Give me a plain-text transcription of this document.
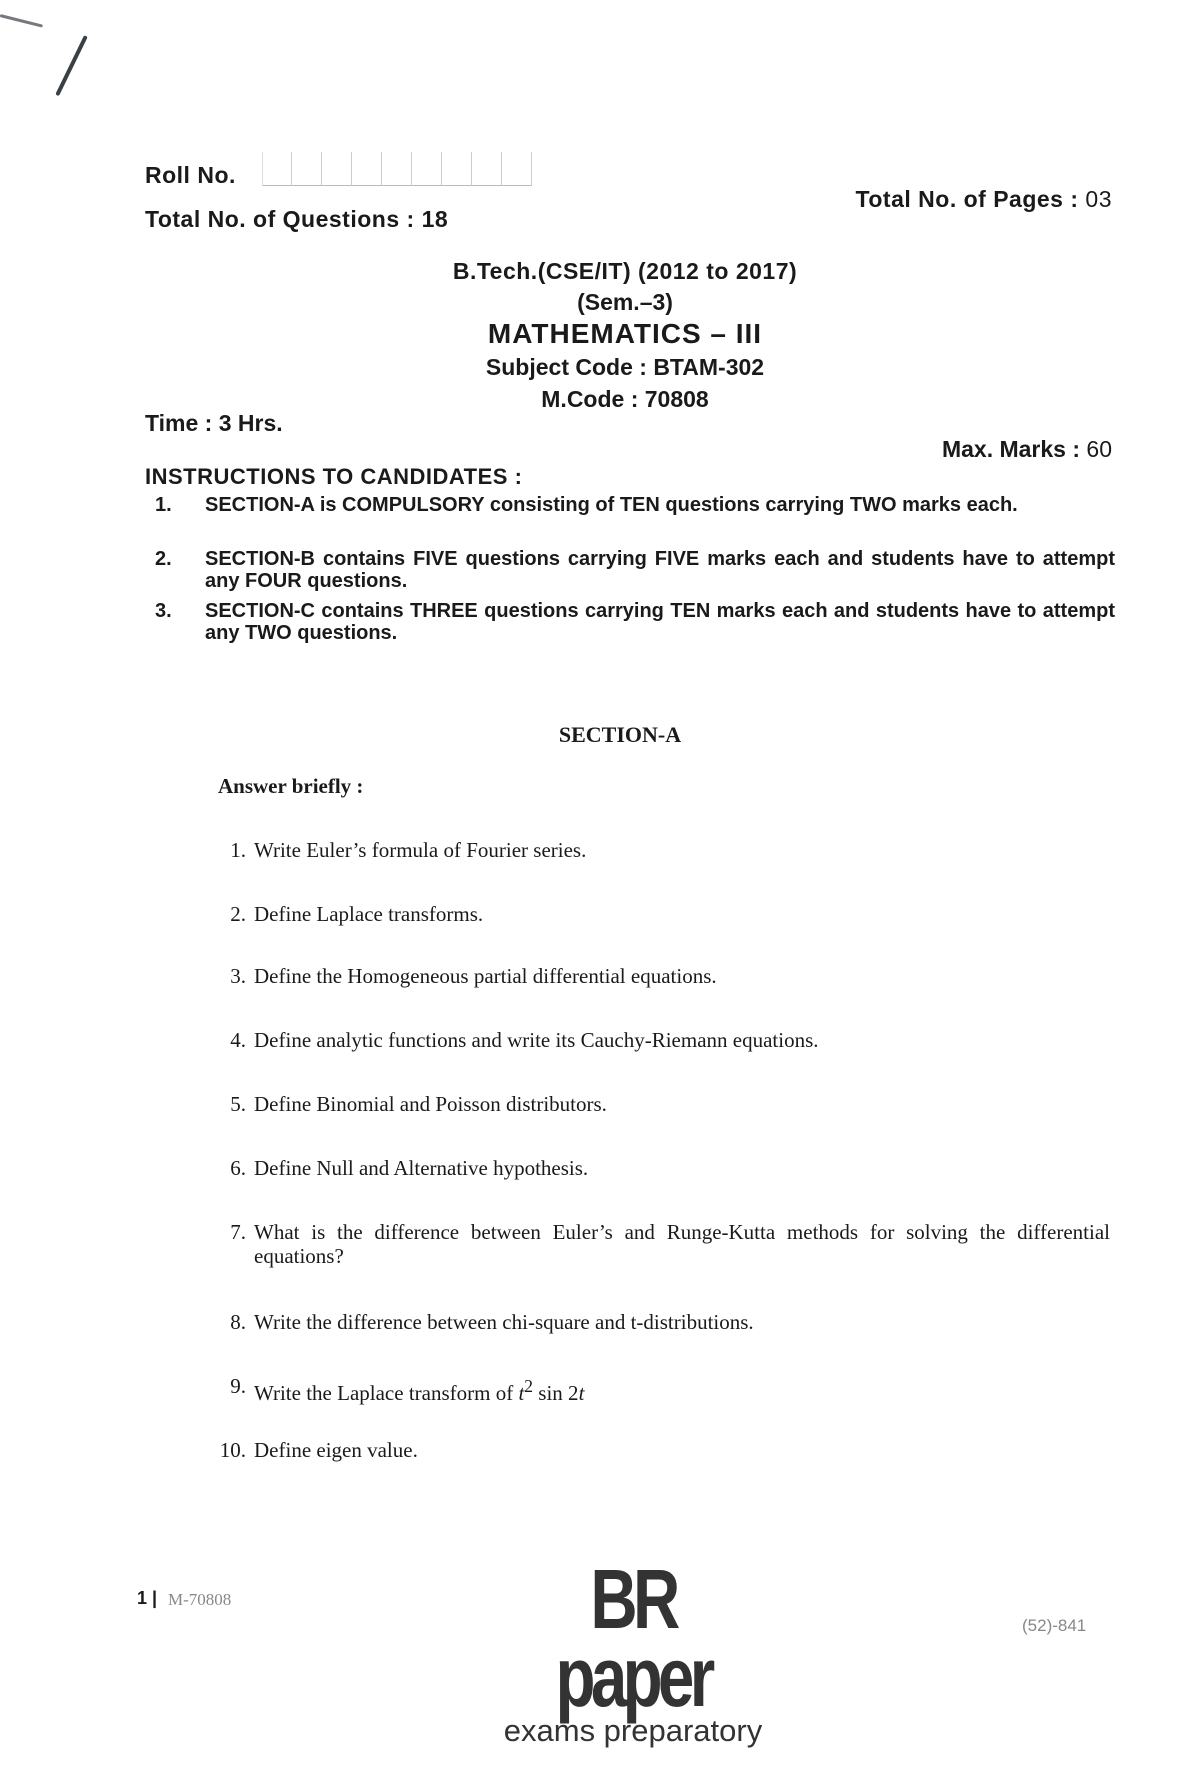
Roll No.
Total No. of Pages : 03
Total No. of Questions : 18
B.Tech.(CSE/IT) (2012 to 2017)
(Sem.–3)
MATHEMATICS – III
Subject Code : BTAM-302
M.Code : 70808
Time : 3 Hrs.
Max. Marks : 60
INSTRUCTIONS TO CANDIDATES :
1.	SECTION-A is COMPULSORY consisting of TEN questions carrying TWO marks each.
2.	SECTION-B contains FIVE questions carrying FIVE marks each and students have to attempt any FOUR questions.
3.	SECTION-C contains THREE questions carrying TEN marks each and students have to attempt any TWO questions.
SECTION-A
Answer briefly :
1. Write Euler’s formula of Fourier series.
2. Define Laplace transforms.
3. Define the Homogeneous partial differential equations.
4. Define analytic functions and write its Cauchy-Riemann equations.
5. Define Binomial and Poisson distributors.
6. Define Null and Alternative hypothesis.
7. What is the difference between Euler’s and Runge-Kutta methods for solving the differential equations?
8. Write the difference between chi-square and t-distributions.
9. Write the Laplace transform of $t^2$ sin 2t
10. Define eigen value.
1 | M-70808	BR paper
exams preparatory
(52)-841
